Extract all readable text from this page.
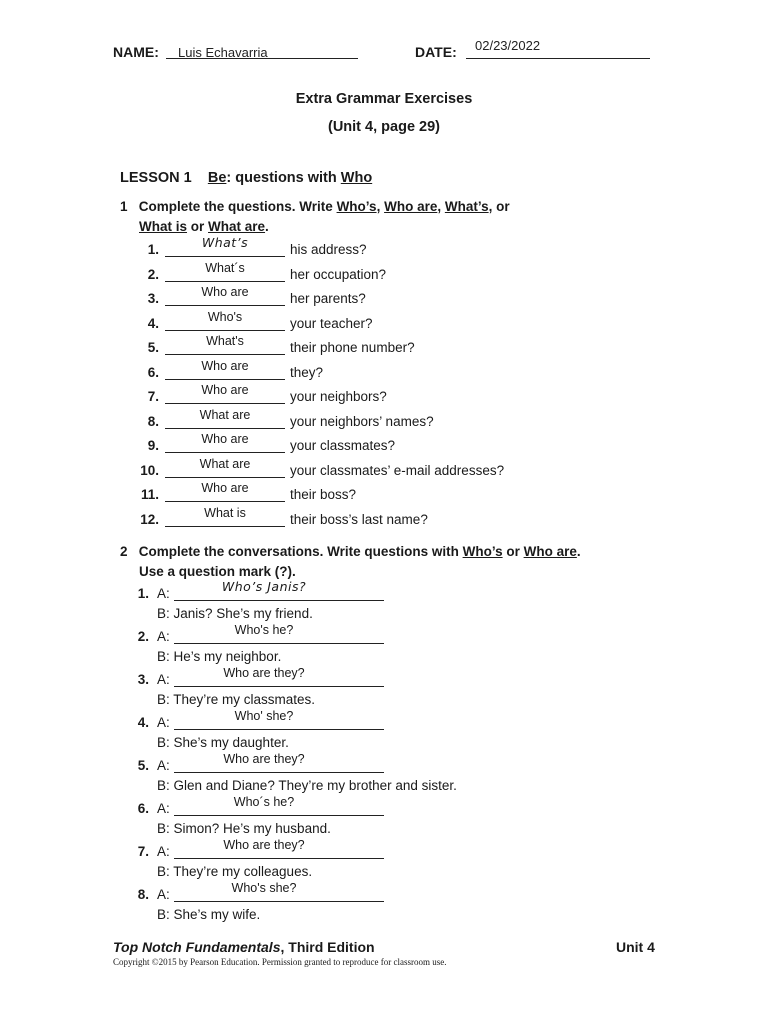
NAME: Luis Echavarria	DATE: 02/23/2022
Extra Grammar Exercises
(Unit 4, page 29)
LESSON 1 Be: questions with Who
1 Complete the questions. Write Who’s, Who are, What’s, or
What is or What are.
1.	What’s	his address?
2.	What´s	her occupation?
3.	Who are	her parents?
4.	Who's	your teacher?
5.	What's	their phone number?
6.	Who are	they?
7.	Who are	your neighbors?
8.	What are	your neighbors’ names?
9.	Who are	your classmates?
10.	What are	your classmates’ e-mail addresses?
11.	Who are	their boss?
12.	What is	their boss’s last name?
2 Complete the conversations. Write questions with Who’s or Who are.
Use a question mark (?).
1. A:	Who’s Janis?
B: Janis? She’s my friend.
2. A:	Who's he?
B: He’s my neighbor.
3. A:	Who are they?
B: They’re my classmates.
4. A:	Who' she?
B: She’s my daughter.
5. A:	Who are they?
B: Glen and Diane? They’re my brother and sister.
6. A:	Who´s he?
B: Simon? He’s my husband.
7. A:	Who are they?
B: They’re my colleagues.
8. A:	Who's she?
B: She’s my wife.
Top Notch Fundamentals, Third Edition	Unit 4
Copyright ©2015 by Pearson Education. Permission granted to reproduce for classroom use.
